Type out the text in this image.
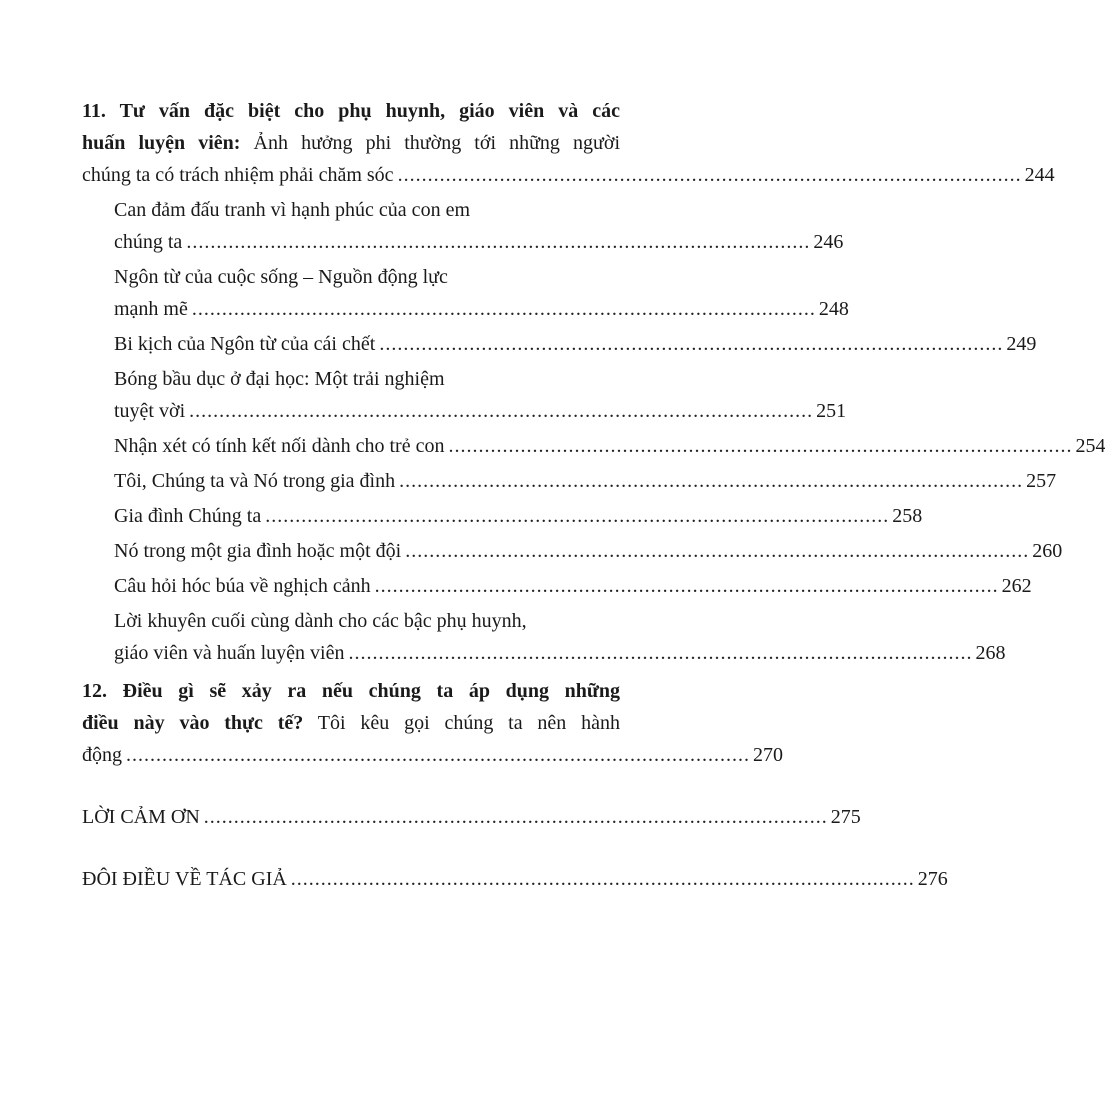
11. Tư vấn đặc biệt cho phụ huynh, giáo viên và các
huấn luyện viên: Ảnh hưởng phi thường tới những người
chúng ta có trách nhiệm phải chăm sóc ........................................................................................................ 244
Can đảm đấu tranh vì hạnh phúc của con em
chúng ta ........................................................................................................ 246
Ngôn từ của cuộc sống – Nguồn động lực
mạnh mẽ ........................................................................................................ 248
Bi kịch của Ngôn từ của cái chết ........................................................................................................ 249
Bóng bầu dục ở đại học: Một trải nghiệm
tuyệt vời ........................................................................................................ 251
Nhận xét có tính kết nối dành cho trẻ con ........................................................................................................ 254
Tôi, Chúng ta và Nó trong gia đình ........................................................................................................ 257
Gia đình Chúng ta ........................................................................................................ 258
Nó trong một gia đình hoặc một đội ........................................................................................................ 260
Câu hỏi hóc búa về nghịch cảnh ........................................................................................................ 262
Lời khuyên cuối cùng dành cho các bậc phụ huynh,
giáo viên và huấn luyện viên ........................................................................................................ 268
12. Điều gì sẽ xảy ra nếu chúng ta áp dụng những
điều này vào thực tế? Tôi kêu gọi chúng ta nên hành
động ........................................................................................................ 270
LỜI CẢM ƠN ........................................................................................................ 275
ĐÔI ĐIỀU VỀ TÁC GIẢ ........................................................................................................ 276
